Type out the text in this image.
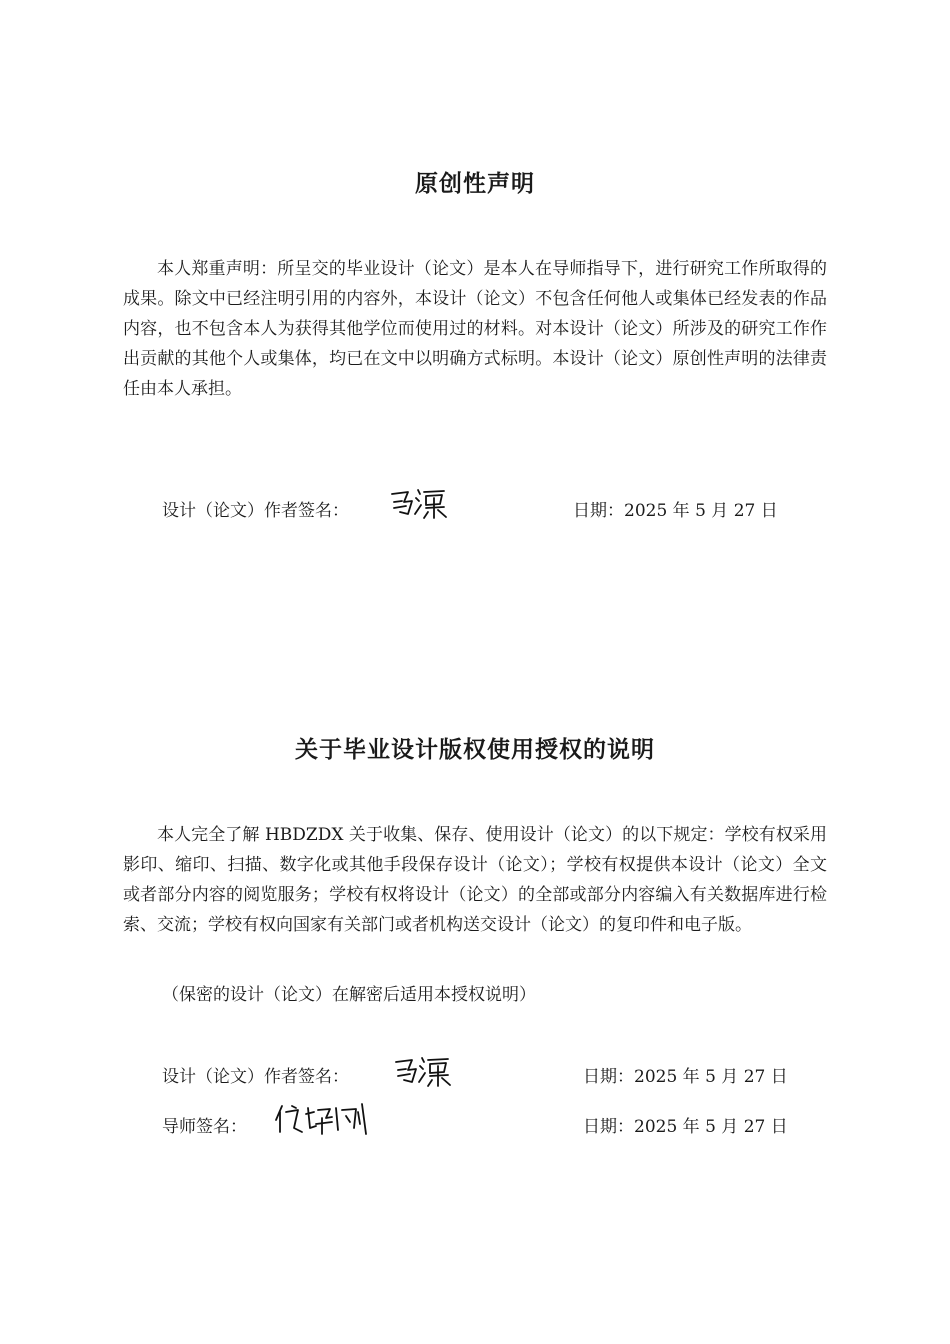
原创性声明

本人郑重声明：所呈交的毕业设计（论文）是本人在导师指导下，进行研究工作所取得的成果。除文中已经注明引用的内容外，本设计（论文）不包含任何他人或集体已经发表的作品内容，也不包含本人为获得其他学位而使用过的材料。对本设计（论文）所涉及的研究工作作出贡献的其他个人或集体，均已在文中以明确方式标明。本设计（论文）原创性声明的法律责任由本人承担。

设计（论文）作者签名：	日期：2025 年 5 月 27 日
关于毕业设计版权使用授权的说明

本人完全了解 HBDZDX 关于收集、保存、使用设计（论文）的以下规定：学校有权采用影印、缩印、扫描、数字化或其他手段保存设计（论文）；学校有权提供本设计（论文）全文或者部分内容的阅览服务；学校有权将设计（论文）的全部或部分内容编入有关数据库进行检索、交流；学校有权向国家有关部门或者机构送交设计（论文）的复印件和电子版。

（保密的设计（论文）在解密后适用本授权说明）

设计（论文）作者签名：	日期：2025 年 5 月 27 日
导师签名：	日期：2025 年 5 月 27 日
